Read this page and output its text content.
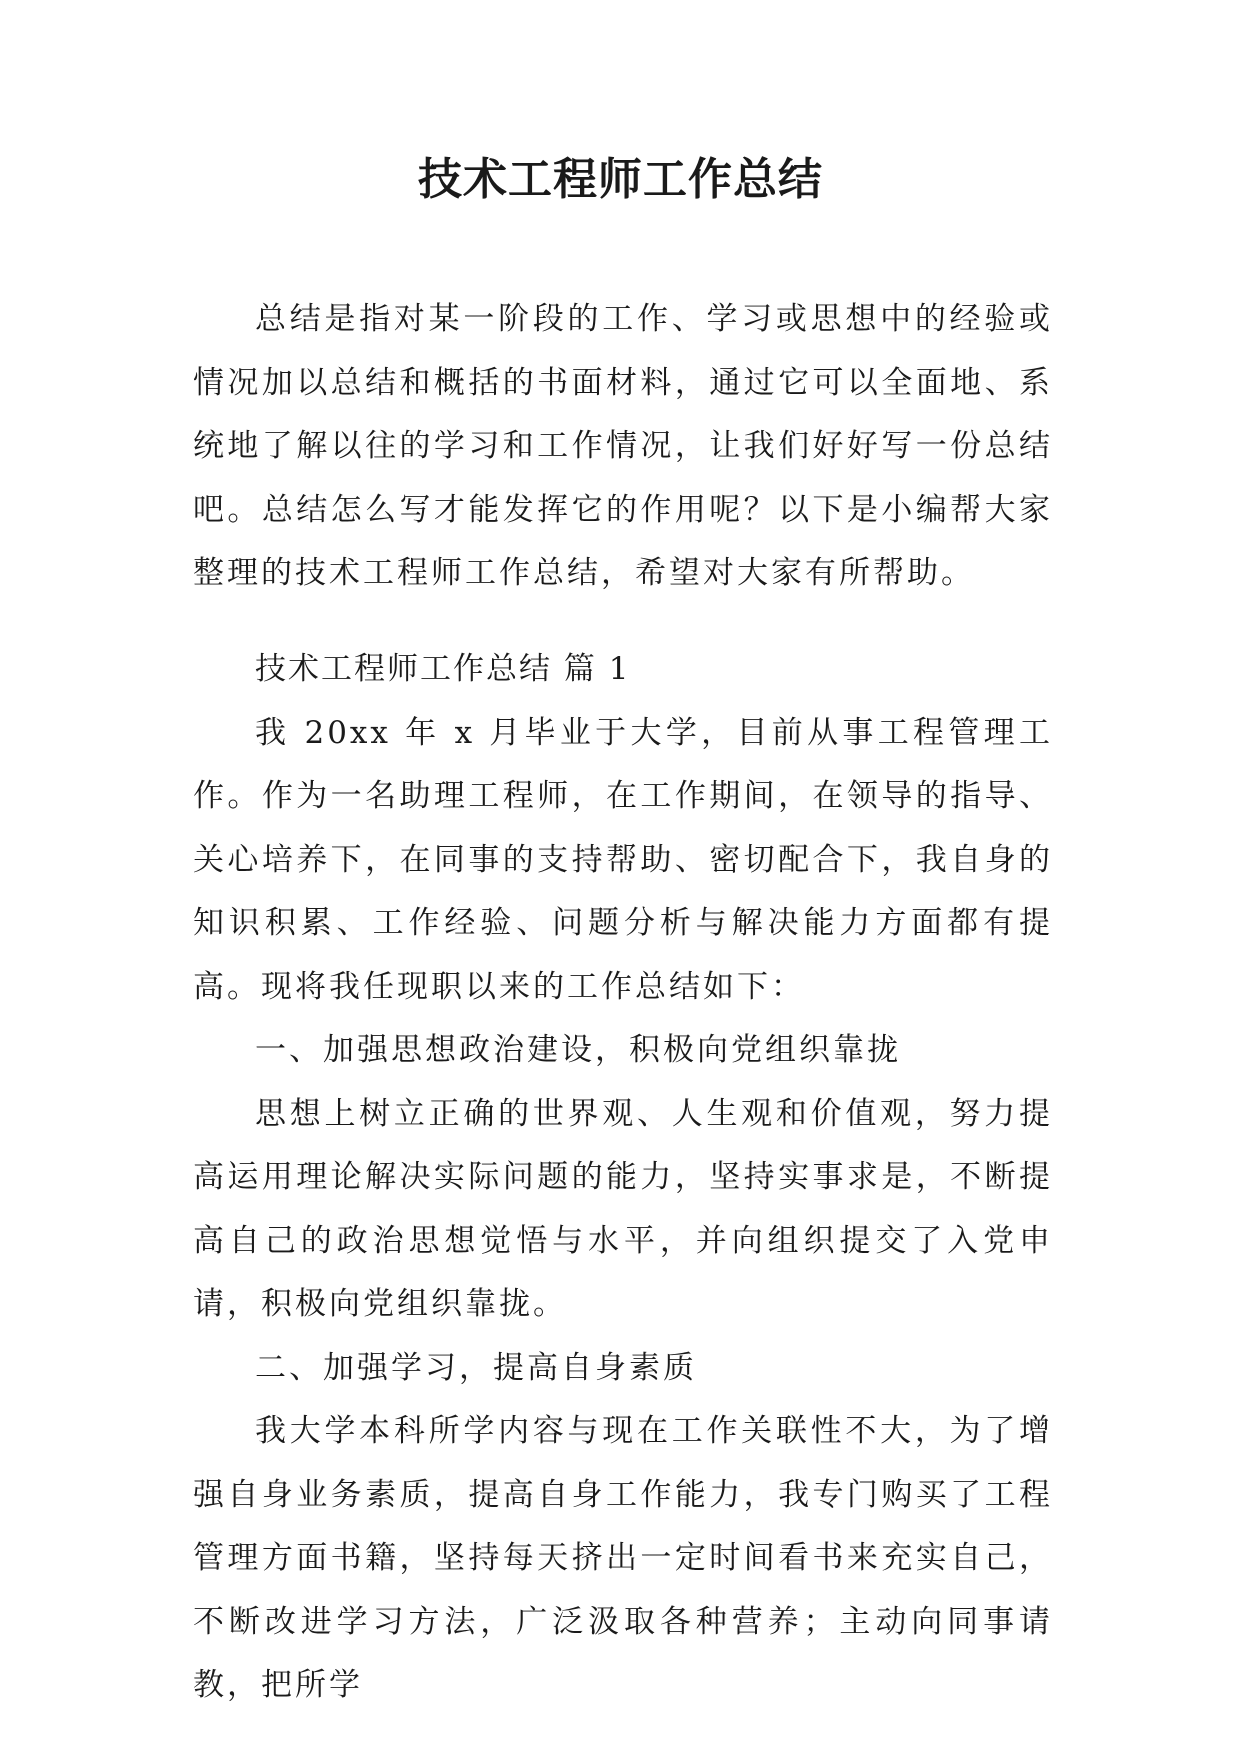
技术工程师工作总结

总结是指对某一阶段的工作、学习或思想中的经验或情况加以总结和概括的书面材料，通过它可以全面地、系统地了解以往的学习和工作情况，让我们好好写一份总结吧。总结怎么写才能发挥它的作用呢？以下是小编帮大家整理的技术工程师工作总结，希望对大家有所帮助。

技术工程师工作总结 篇 1

我 20xx 年 x 月毕业于大学，目前从事工程管理工作。作为一名助理工程师，在工作期间，在领导的指导、关心培养下，在同事的支持帮助、密切配合下，我自身的知识积累、工作经验、问题分析与解决能力方面都有提高。现将我任现职以来的工作总结如下：

一、加强思想政治建设，积极向党组织靠拢

思想上树立正确的世界观、人生观和价值观，努力提高运用理论解决实际问题的能力，坚持实事求是，不断提高自己的政治思想觉悟与水平，并向组织提交了入党申请，积极向党组织靠拢。

二、加强学习，提高自身素质

我大学本科所学内容与现在工作关联性不大，为了增强自身业务素质，提高自身工作能力，我专门购买了工程管理方面书籍，坚持每天挤出一定时间看书来充实自己，不断改进学习方法，广泛汲取各种营养；主动向同事请教，把所学
